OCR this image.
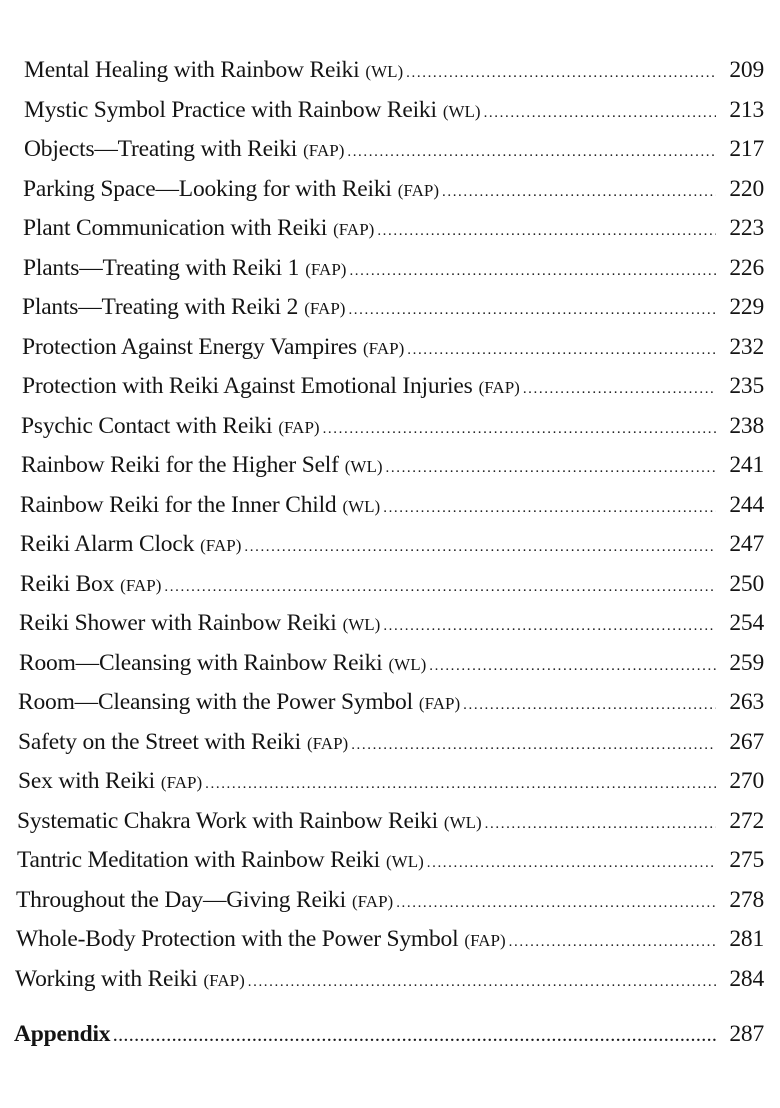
Mental Healing with Rainbow Reiki (WL) .....	209
Mystic Symbol Practice with Rainbow Reiki (WL) .....	213
Objects—Treating with Reiki (FAP) .....	217
Parking Space—Looking for with Reiki (FAP) .....	220
Plant Communication with Reiki (FAP) .....	223
Plants—Treating with Reiki 1 (FAP) .....	226
Plants—Treating with Reiki 2 (FAP) .....	229
Protection Against Energy Vampires (FAP) .....	232
Protection with Reiki Against Emotional Injuries (FAP) .....	235
Psychic Contact with Reiki (FAP) .....	238
Rainbow Reiki for the Higher Self (WL) .....	241
Rainbow Reiki for the Inner Child (WL) .....	244
Reiki Alarm Clock (FAP) .....	247
Reiki Box (FAP) .....	250
Reiki Shower with Rainbow Reiki (WL) .....	254
Room—Cleansing with Rainbow Reiki (WL) .....	259
Room—Cleansing with the Power Symbol (FAP) .....	263
Safety on the Street with Reiki (FAP) .....	267
Sex with Reiki (FAP) .....	270
Systematic Chakra Work with Rainbow Reiki (WL) .....	272
Tantric Meditation with Rainbow Reiki (WL) .....	275
Throughout the Day—Giving Reiki (FAP) .....	278
Whole-Body Protection with the Power Symbol (FAP) .....	281
Working with Reiki (FAP) .....	284
Appendix .....	287
